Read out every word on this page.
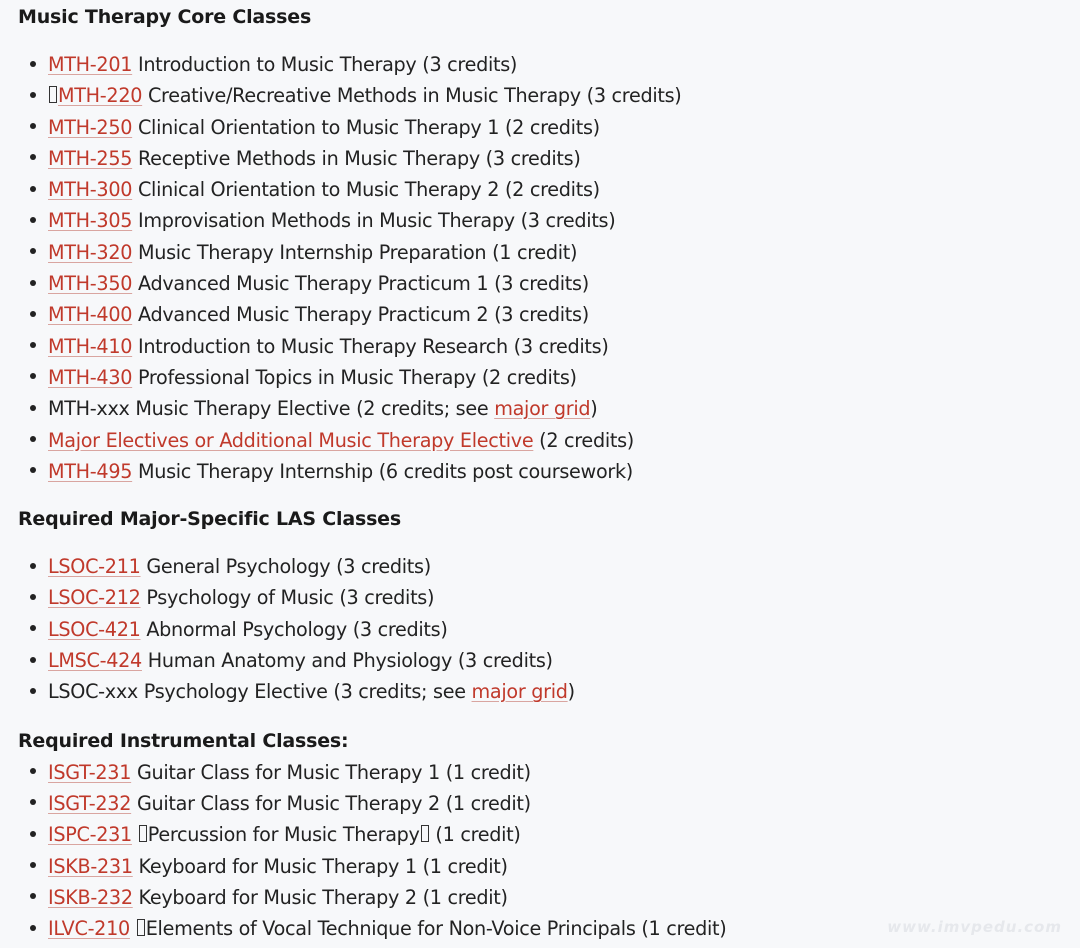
Music Therapy Core Classes
MTH-201 Introduction to Music Therapy (3 credits)
MTH-220 Creative/Recreative Methods in Music Therapy (3 credits)
MTH-250 Clinical Orientation to Music Therapy 1 (2 credits)
MTH-255 Receptive Methods in Music Therapy (3 credits)
MTH-300 Clinical Orientation to Music Therapy 2 (2 credits)
MTH-305 Improvisation Methods in Music Therapy (3 credits)
MTH-320 Music Therapy Internship Preparation (1 credit)
MTH-350 Advanced Music Therapy Practicum 1 (3 credits)
MTH-400 Advanced Music Therapy Practicum 2 (3 credits)
MTH-410 Introduction to Music Therapy Research (3 credits)
MTH-430 Professional Topics in Music Therapy (2 credits)
MTH-xxx Music Therapy Elective (2 credits; see major grid)
Major Electives or Additional Music Therapy Elective (2 credits)
MTH-495 Music Therapy Internship (6 credits post coursework)
Required Major-Specific LAS Classes
LSOC-211 General Psychology (3 credits)
LSOC-212 Psychology of Music (3 credits)
LSOC-421 Abnormal Psychology (3 credits)
LMSC-424 Human Anatomy and Physiology (3 credits)
LSOC-xxx Psychology Elective (3 credits; see major grid)
Required Instrumental Classes:
ISGT-231 Guitar Class for Music Therapy 1 (1 credit)
ISGT-232 Guitar Class for Music Therapy 2 (1 credit)
ISPC-231 Percussion for Music Therapy (1 credit)
ISKB-231 Keyboard for Music Therapy 1 (1 credit)
ISKB-232 Keyboard for Music Therapy 2 (1 credit)
ILVC-210 Elements of Vocal Technique for Non-Voice Principals (1 credit)	www.imvpedu.com
